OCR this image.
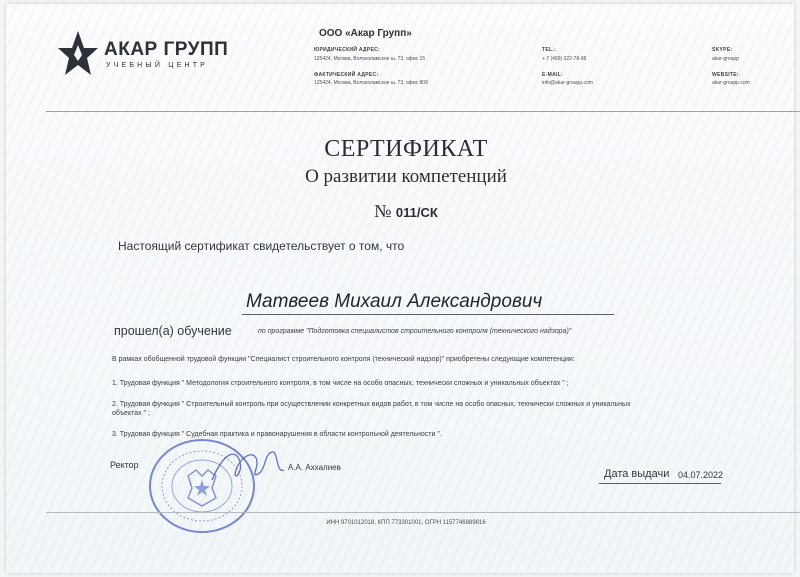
АКАР ГРУПП
УЧЕБНЫЙ ЦЕНТР
ООО «Акар Групп»
ЮРИДИЧЕСКИЙ АДРЕС:
125424, Москва, Волоколамское ш. 73, офис 15
ФАКТИЧЕСКИЙ АДРЕС:
125424, Москва, Волоколамское ш. 73, офис 809
TEL.:
+ 7 (499) 322-78-98
E-MAIL:
info@akar-groupp.com
SKYPE:
akar-groupp
WEBSITE:
akar-groupp.com
СЕРТИФИКАТ
О развитии компетенций
№ 011/СК
Настоящий сертификат свидетельствует о том, что
Матвеев Михаил Александрович
прошел(а) обучение	по программе "Подготовка специалистов строительного контроля (технического надзора)"
В рамках обобщенной трудовой функции "Специалист строительного контроля (технический надзор)" приобретены следующие компетенции:
1. Трудовая функция " Методология строительного контроля, в том числе на особо опасных, технически сложных и уникальных объектах " ;
2. Трудовая функция " Строительный контроль при осуществлении конкретных видов работ, в том числе на особо опасных, технически сложных и уникальных объектах " ;
3. Трудовая функция " Судебная практика и правонарушения в области контрольной деятельности ".
Ректор	А.А. Аххалиев
Дата выдачи 04.07.2022
ИНН 9701012018, КПП 773301001, ОГРН 1157746889816
